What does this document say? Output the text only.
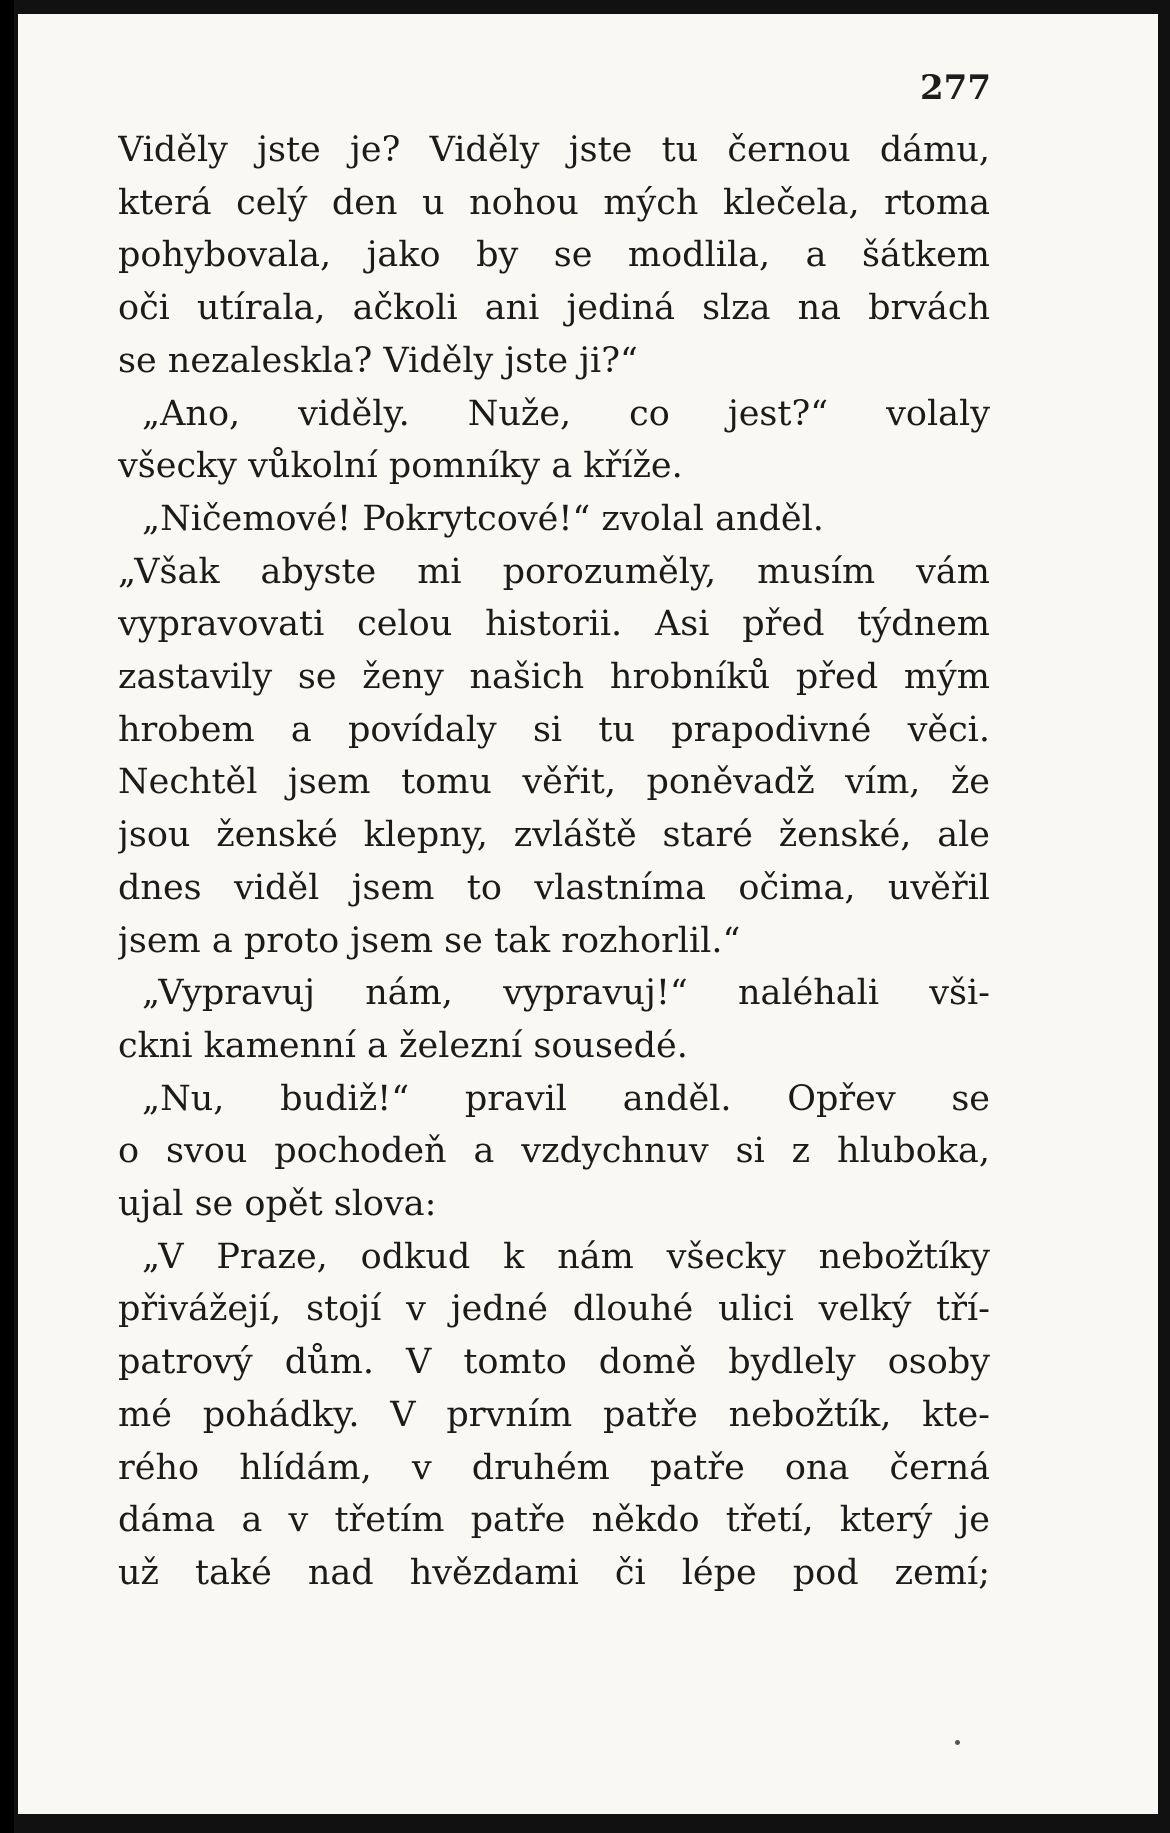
277
Viděly jste je? Viděly jste tu černou dámu,
která celý den u nohou mých klečela, rtoma
pohybovala, jako by se modlila, a šátkem
oči utírala, ačkoli ani jediná slza na brvách
se nezaleskla? Viděly jste ji?“
„Ano, viděly. Nuže, co jest?“ volaly
všecky vůkolní pomníky a kříže.
„Ničemové! Pokrytcové!“ zvolal anděl.
„Však abyste mi porozuměly, musím vám
vypravovati celou historii. Asi před týdnem
zastavily se ženy našich hrobníků před mým
hrobem a povídaly si tu prapodivné věci.
Nechtěl jsem tomu věřit, poněvadž vím, že
jsou ženské klepny, zvláště staré ženské, ale
dnes viděl jsem to vlastníma očima, uvěřil
jsem a proto jsem se tak rozhorlil.“
„Vypravuj nám, vypravuj!“ naléhali vši-
ckni kamenní a železní sousedé.
„Nu, budiž!“ pravil anděl. Opřev se
o svou pochodeň a vzdychnuv si z hluboka,
ujal se opět slova:
„V Praze, odkud k nám všecky nebožtíky
přivážejí, stojí v jedné dlouhé ulici velký tří-
patrový dům. V tomto domě bydlely osoby
mé pohádky. V prvním patře nebožtík, kte-
rého hlídám, v druhém patře ona černá
dáma a v třetím patře někdo třetí, který je
už také nad hvězdami či lépe pod zemí;
